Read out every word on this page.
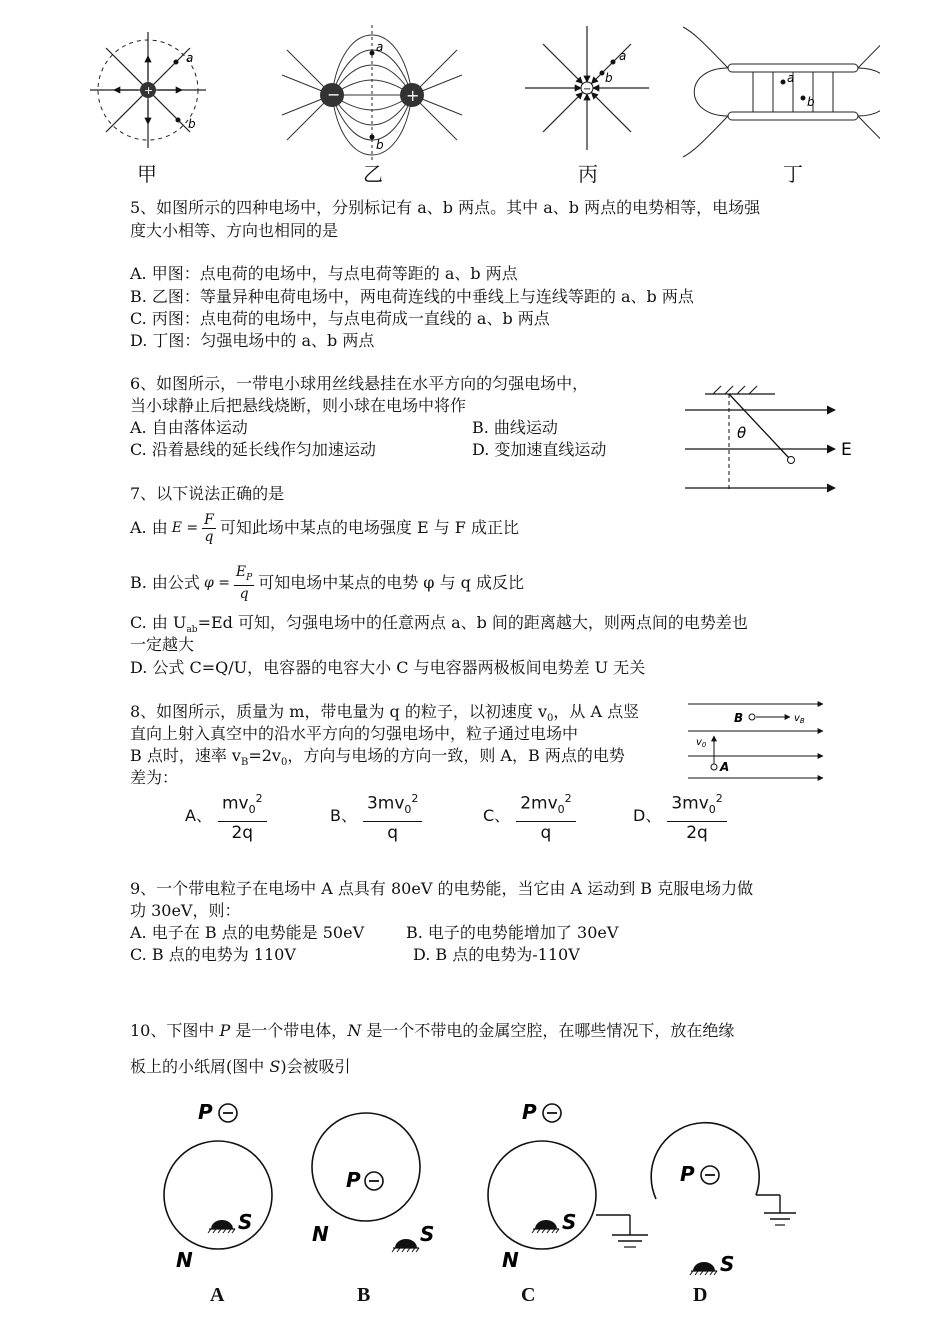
+
a
b
−	+
a
b
−
a
b	a
b
甲	乙	丙	丁
5、如图所示的四种电场中，分别标记有 a、b 两点。其中 a、b 两点的电势相等，电场强
度大小相等、方向也相同的是
A. 甲图：点电荷的电场中，与点电荷等距的 a、b 两点
B. 乙图：等量异种电荷电场中，两电荷连线的中垂线上与连线等距的 a、b 两点
C. 丙图：点电荷的电场中，与点电荷成一直线的 a、b 两点
D. 丁图：匀强电场中的 a、b 两点
6、如图所示，一带电小球用丝线悬挂在水平方向的匀强电场中，
当小球静止后把悬线烧断，则小球在电场中将作
A. 自由落体运动	B. 曲线运动
C. 沿着悬线的延长线作匀加速运动	D. 变加速直线运动
θ
E
7、以下说法正确的是
A. 由 $E = \frac{F}{q}$ 可知此场中某点的电场强度 E 与 F 成正比
B. 由公式 $\varphi = \frac{E_P}{q}$ 可知电场中某点的电势 φ 与 q 成反比
C. 由 $U_{ab}=Ed$ 可知，匀强电场中的任意两点 a、b 间的距离越大，则两点间的电势差也
一定越大
D. 公式 C=Q/U，电容器的电容大小 C 与电容器两极板间电势差 U 无关
8、如图所示，质量为 m，带电量为 q 的粒子，以初速度 $v_0$，从 A 点竖
直向上射入真空中的沿水平方向的匀强电场中，粒子通过电场中
B 点时，速率 $v_B=2v_0$，方向与电场的方向一致，则 A，B 两点的电势
差为：
B	$v_B$
$v_0$
A
A、 $\frac{mv_0^2}{2q}$	B、 $\frac{3mv_0^2}{q}$	C、 $\frac{2mv_0^2}{q}$	D、 $\frac{3mv_0^2}{2q}$
9、一个带电粒子在电场中 A 点具有 80eV 的电势能，当它由 A 运动到 B 克服电场力做
功 30eV，则：
A. 电子在 B 点的电势能是 50eV	B. 电子的电势能增加了 30eV
C. B 点的电势为 110V	D. B 点的电势为-110V
10、下图中 P 是一个带电体，N 是一个不带电的金属空腔，在哪些情况下，放在绝缘
板上的小纸屑(图中 S)会被吸引
P
S
N
P
N	S
P
S
N
P
S
A	B	C	D
